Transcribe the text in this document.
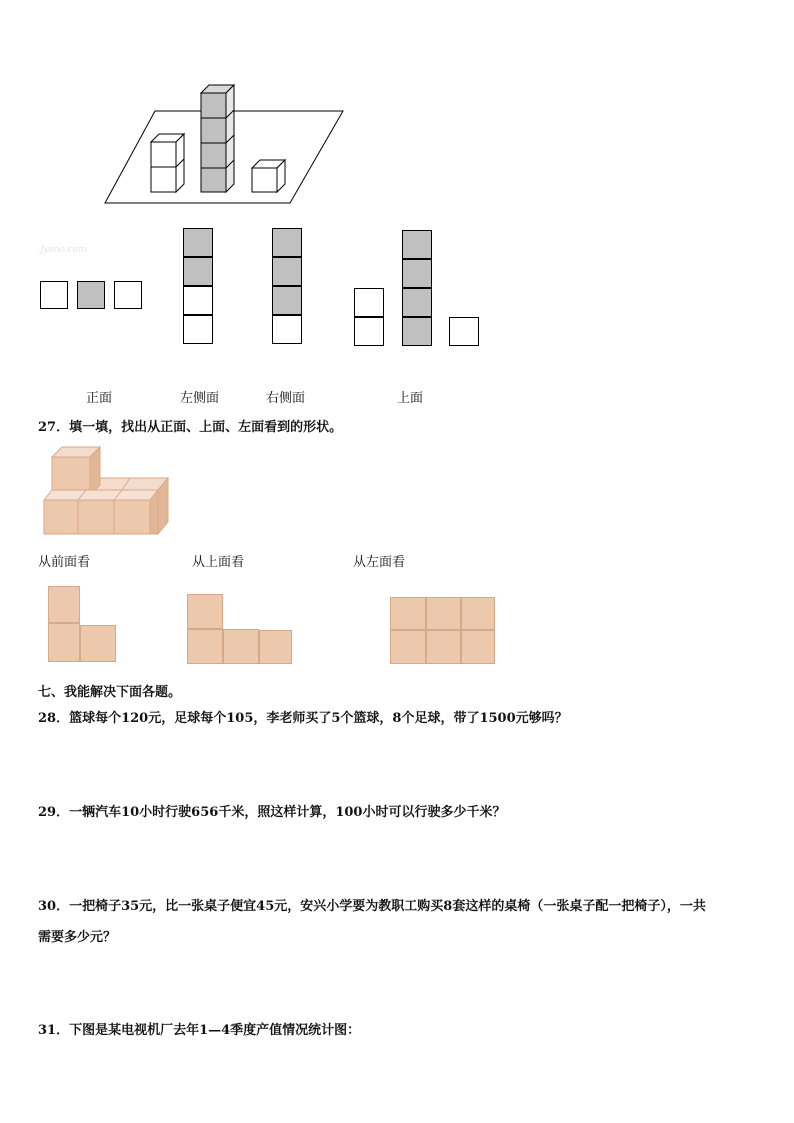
Jyeoo.com
正面	左侧面	右侧面	上面
27．填一填，找出从正面、上面、左面看到的形状。
从前面看	从上面看	从左面看
七、我能解决下面各题。
28．篮球每个120元，足球每个105，李老师买了5个篮球，8个足球，带了1500元够吗？
29．一辆汽车10小时行驶656千米，照这样计算，100小时可以行驶多少千米？
30．一把椅子35元，比一张桌子便宜45元，安兴小学要为教职工购买8套这样的桌椅（一张桌子配一把椅子），一共
需要多少元？
31．下图是某电视机厂去年1—4季度产值情况统计图：
